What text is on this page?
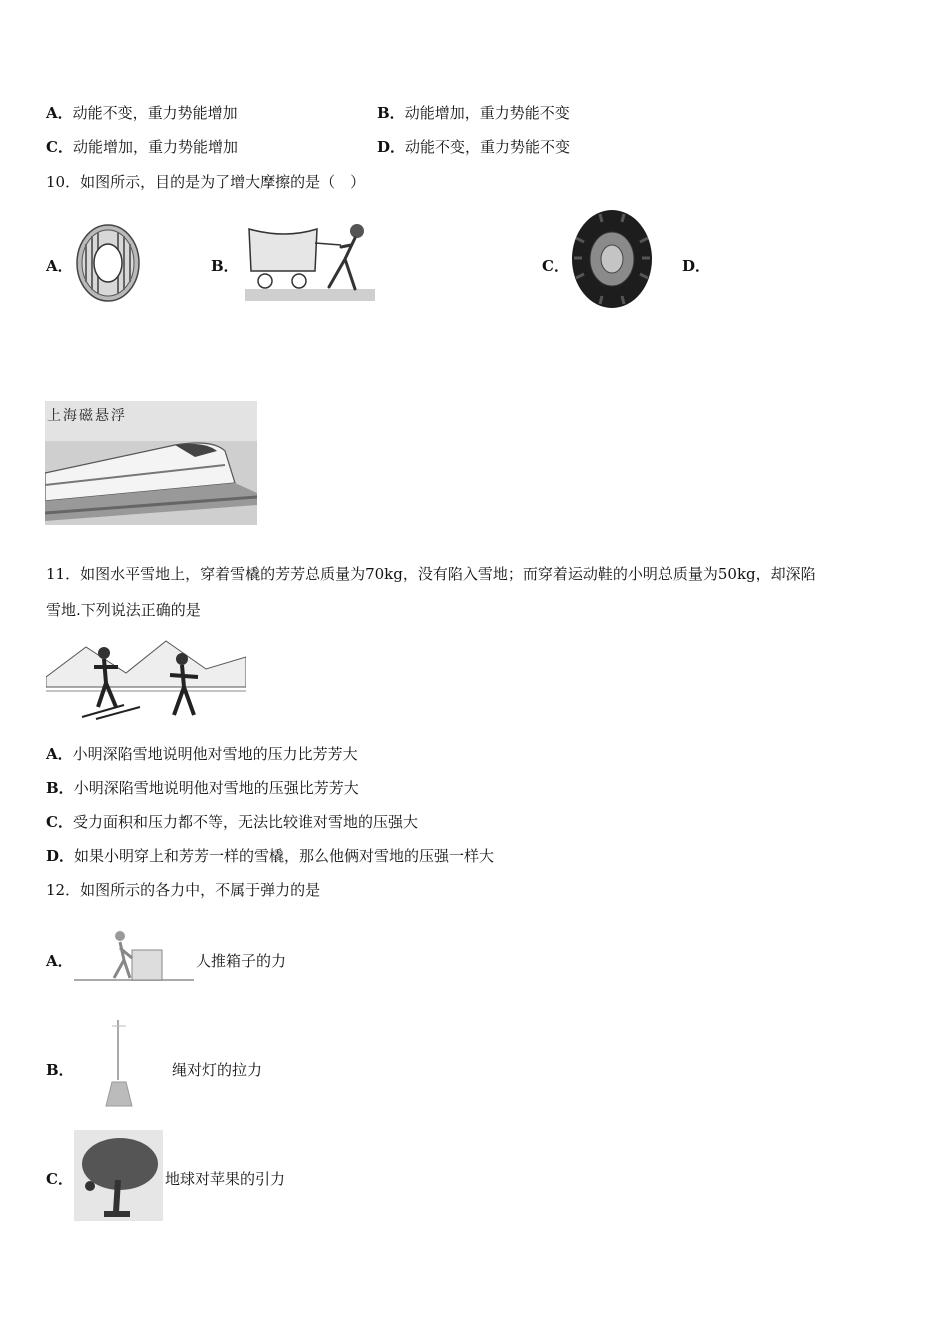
A．动能不变，重力势能增加	B．动能增加，重力势能不变
C．动能增加，重力势能增加	D．动能不变，重力势能不变
10．如图所示，目的是为了增大摩擦的是（　）
A．	B．	C．	D．
上海磁悬浮
11．如图水平雪地上，穿着雪橇的芳芳总质量为70kg，没有陷入雪地；而穿着运动鞋的小明总质量为50kg，却深陷
雪地.下列说法正确的是
A．小明深陷雪地说明他对雪地的压力比芳芳大
B．小明深陷雪地说明他对雪地的压强比芳芳大
C．受力面积和压力都不等，无法比较谁对雪地的压强大
D．如果小明穿上和芳芳一样的雪橇，那么他俩对雪地的压强一样大
12．如图所示的各力中，不属于弹力的是
A．	人推箱子的力
B．	绳对灯的拉力
C．	地球对苹果的引力
